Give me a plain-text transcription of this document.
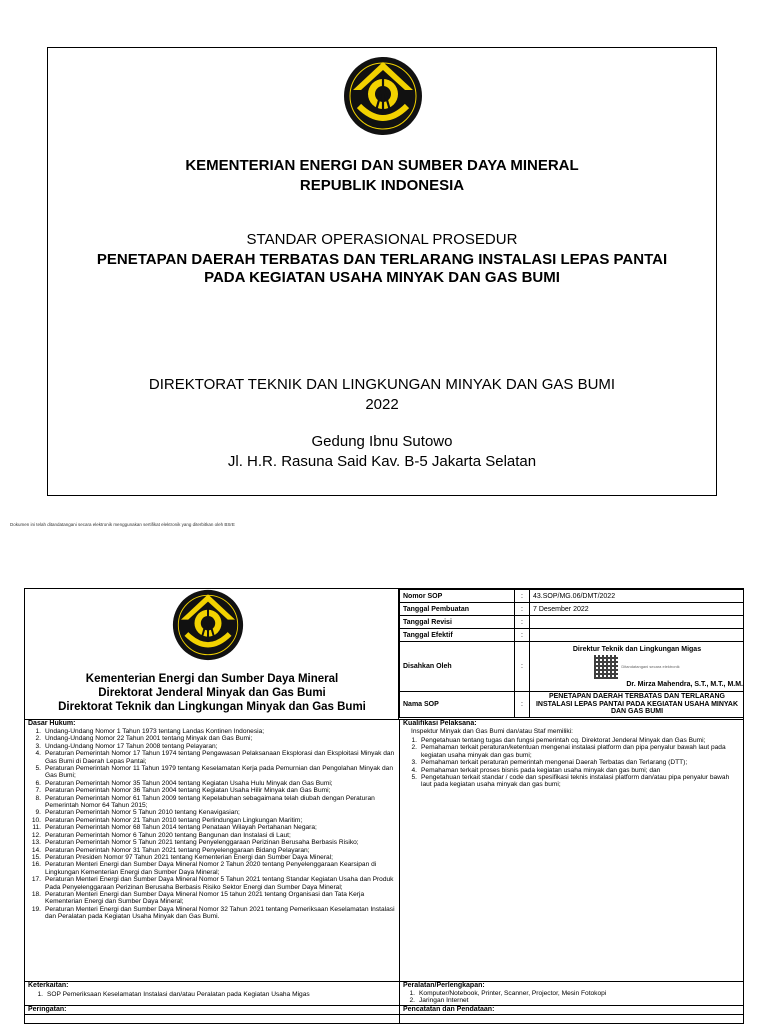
KEMENTERIAN ENERGI DAN SUMBER DAYA MINERAL
REPUBLIK INDONESIA
STANDAR OPERASIONAL PROSEDUR
PENETAPAN DAERAH TERBATAS DAN TERLARANG INSTALASI LEPAS PANTAI
PADA KEGIATAN USAHA MINYAK DAN GAS BUMI
DIREKTORAT TEKNIK DAN LINGKUNGAN MINYAK DAN GAS BUMI
2022
Gedung Ibnu Sutowo
Jl. H.R. Rasuna Said Kav. B-5 Jakarta Selatan
Dokumen ini telah ditandatangani secara elektronik menggunakan sertifikat elektronik yang diterbitkan oleh BSrE
Kementerian Energi dan Sumber Daya Mineral
Direktorat Jenderal Minyak dan Gas Bumi
Direktorat Teknik dan Lingkungan Minyak dan Gas Bumi
Nomor SOP	:	43.SOP/MG.06/DMT/2022
Tanggal Pembuatan	:	7 Desember 2022
Tanggal Revisi	:	
Tanggal Efektif	:	
Disahkan Oleh	:	Direktur Teknik dan Lingkungan Migas
Ditandatangani secara elektronik
Dr. Mirza Mahendra, S.T., M.T., M.M.

Nama SOP	:	PENETAPAN DAERAH TERBATAS DAN TERLARANG INSTALASI LEPAS PANTAI PADA KEGIATAN USAHA MINYAK DAN GAS BUMI
Dasar Hukum:
1. Undang-Undang Nomor 1 Tahun 1973 tentang Landas Kontinen Indonesia;
2. Undang-Undang Nomor 22 Tahun 2001 tentang Minyak dan Gas Bumi;
3. Undang-Undang Nomor 17 Tahun 2008 tentang Pelayaran;
4. Peraturan Pemerintah Nomor 17 Tahun 1974 tentang Pengawasan Pelaksanaan Eksplorasi dan Eksploitasi Minyak dan Gas Bumi di Daerah Lepas Pantai;
5. Peraturan Pemerintah Nomor 11 Tahun 1979 tentang Keselamatan Kerja pada Pemurnian dan Pengolahan Minyak dan Gas Bumi;
6. Peraturan Pemerintah Nomor 35 Tahun 2004 tentang Kegiatan Usaha Hulu Minyak dan Gas Bumi;
7. Peraturan Pemerintah Nomor 36 Tahun 2004 tentang Kegiatan Usaha Hilir Minyak dan Gas Bumi;
8. Peraturan Pemerintah Nomor 61 Tahun 2009 tentang Kepelabuhan sebagaimana telah diubah dengan Peraturan Pemerintah Nomor 64 Tahun 2015;
9. Peraturan Pemerintah Nomor 5 Tahun 2010 tentang Kenavigasian;
10. Peraturan Pemerintah Nomor 21 Tahun 2010 tentang Perlindungan Lingkungan Maritim;
11. Peraturan Pemerintah Nomor 68 Tahun 2014 tentang Penataan Wilayah Pertahanan Negara;
12. Peraturan Pemerintah Nomor 6 Tahun 2020 tentang Bangunan dan Instalasi di Laut;
13. Peraturan Pemerintah Nomor 5 Tahun 2021 tentang Penyelenggaraan Perizinan Berusaha Berbasis Risiko;
14. Peraturan Pemerintah Nomor 31 Tahun 2021 tentang Penyelenggaraan Bidang Pelayaran;
15. Peraturan Presiden Nomor 97 Tahun 2021 tentang Kementerian Energi dan Sumber Daya Mineral;
16. Peraturan Menteri Energi dan Sumber Daya Mineral Nomor 2 Tahun 2020 tentang Penyelenggaraan Kearsipan di Lingkungan Kementerian Energi dan Sumber Daya Mineral;
17. Peraturan Menteri Energi dan Sumber Daya Mineral Nomor 5 Tahun 2021 tentang Standar Kegiatan Usaha dan Produk Pada Penyelenggaraan Perizinan Berusaha Berbasis Risiko Sektor Energi dan Sumber Daya Mineral;
18. Peraturan Menteri Energi dan Sumber Daya Mineral Nomor 15 tahun 2021 tentang Organisasi dan Tata Kerja Kementerian Energi dan Sumber Daya Mineral;
19. Peraturan Menteri Energi dan Sumber Daya Mineral Nomor 32 Tahun 2021 tentang Pemeriksaan Keselamatan Instalasi dan Peralatan pada Kegiatan Usaha Minyak dan Gas Bumi.
Kualifikasi Pelaksana:
Inspektur Minyak dan Gas Bumi dan/atau Staf memiliki:
1. Pengetahuan tentang tugas dan fungsi pemerintah cq. Direktorat Jenderal Minyak dan Gas Bumi;
2. Pemahaman terkait peraturan/ketentuan mengenai instalasi platform dan pipa penyalur bawah laut pada kegiatan usaha minyak dan gas bumi;
3. Pemahaman terkait peraturan pemerintah mengenai Daerah Terbatas dan Terlarang (DTT);
4. Pemahaman terkait proses bisnis pada kegiatan usaha minyak dan gas bumi; dan
5. Pengetahuan terkait standar / code dan spesifikasi teknis instalasi platform dan/atau pipa penyalur bawah laut pada kegiatan usaha minyak dan gas bumi;
Keterkaitan:
1. SOP Pemeriksaan Keselamatan Instalasi dan/atau Peralatan pada Kegiatan Usaha Migas
Peralatan/Perlengkapan:
1. Komputer/Notebook, Printer, Scanner, Projector, Mesin Fotokopi
2. Jaringan Internet
Peringatan:	Pencatatan dan Pendataan:
